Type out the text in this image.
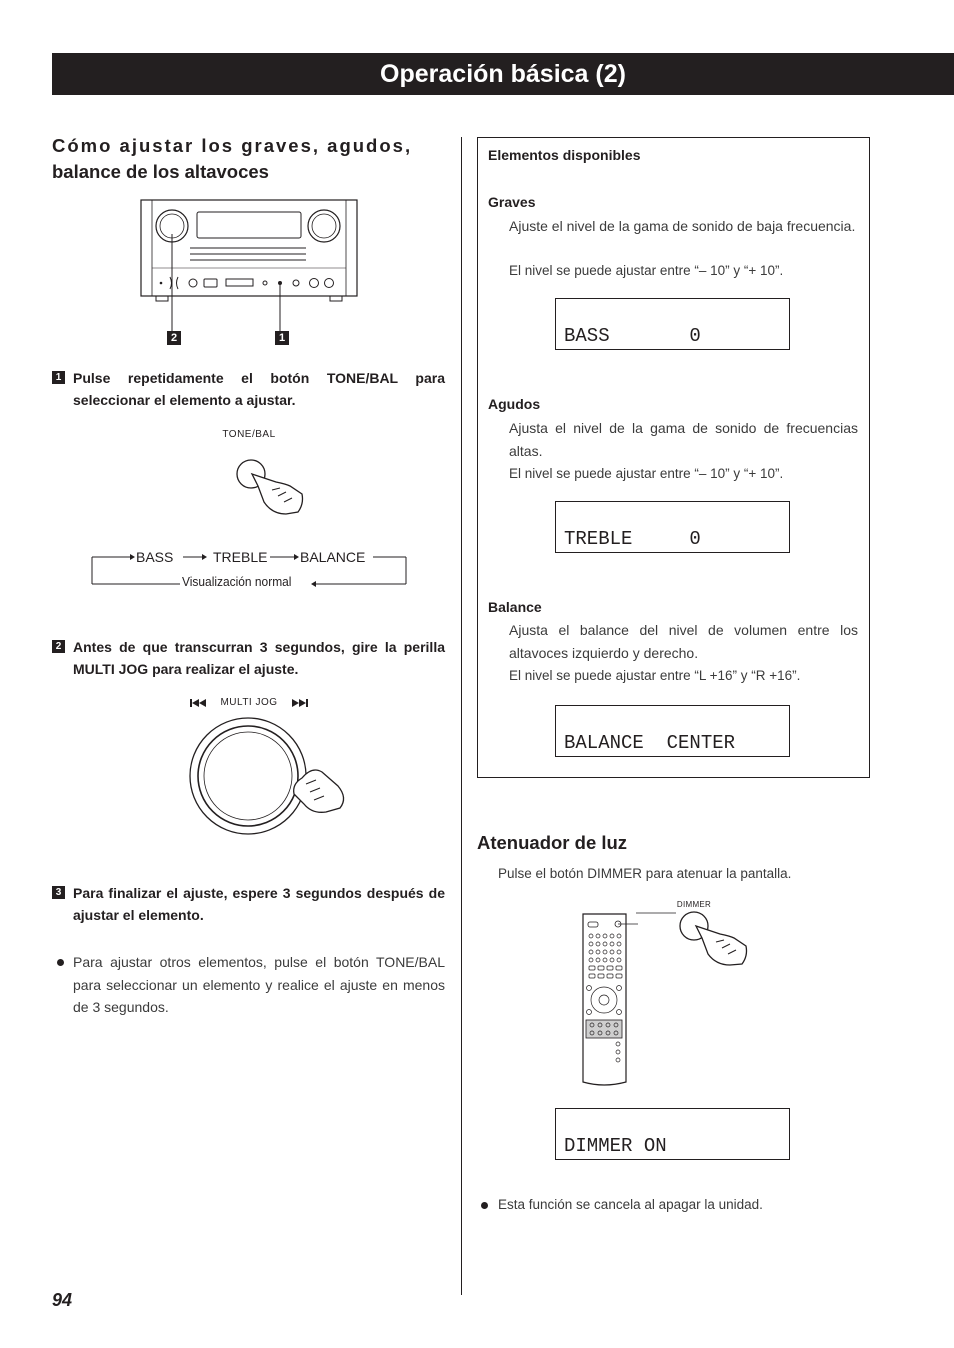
Operación básica (2)
Cómo ajustar los graves, agudos,
balance de los altavoces
2	1
1 Pulse repetidamente el botón TONE/BAL para seleccionar el elemento a ajustar.
TONE/BAL
BASS	TREBLE BALANCE
Visualización normal
2 Antes de que transcurran 3 segundos, gire la perilla MULTI JOG para realizar el ajuste.
MULTI JOG
3 Para finalizar el ajuste, espere 3 segundos después de ajustar el elemento.
Para ajustar otros elementos, pulse el botón TONE/BAL para seleccionar un elemento y realice el ajuste en menos de 3 segundos.
Elementos disponibles
Graves
Ajuste el nivel de la gama de sonido de baja frecuencia.
El nivel se puede ajustar entre “– 10” y “+ 10”.
BASS       0
Agudos
Ajusta el nivel de la gama de sonido de frecuencias altas.
El nivel se puede ajustar entre “– 10” y “+ 10”.
TREBLE     0
Balance
Ajusta el balance del nivel de volumen entre los altavoces izquierdo y derecho.
El nivel se puede ajustar entre “L +16” y “R +16”.
BALANCE  CENTER
Atenuador de luz
Pulse el botón DIMMER para atenuar la pantalla.
DIMMER
DIMMER ON
Esta función se cancela al apagar la unidad.
94
